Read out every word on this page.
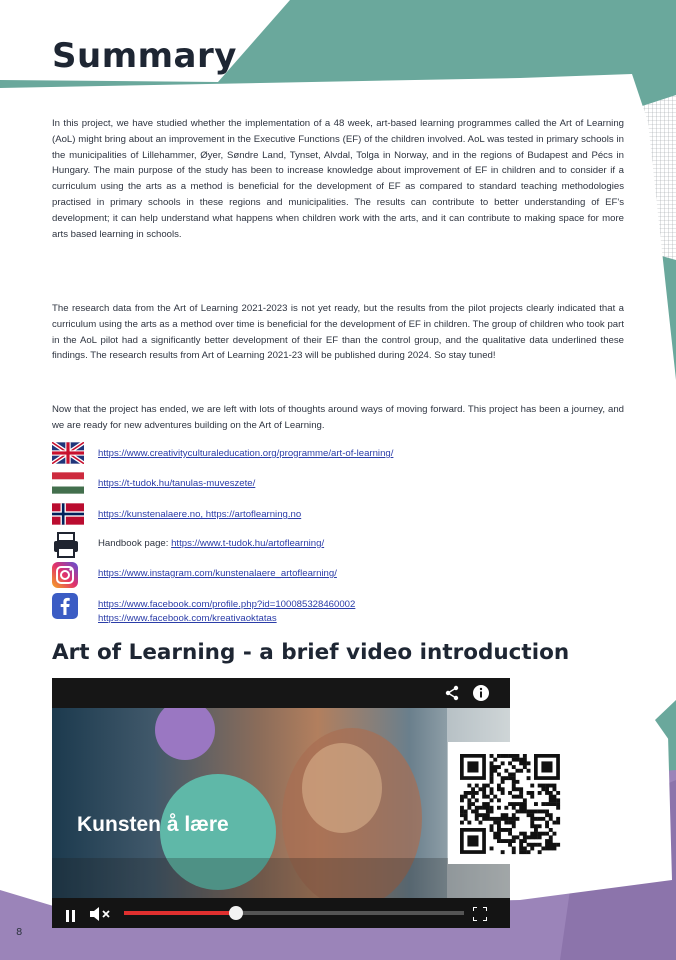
Summary

In this project, we have studied whether the implementation of a 48 week, art-based learning programmes called the Art of Learning (AoL) might bring about an improvement in the Executive Functions (EF) of the children involved. AoL was tested in primary schools in the municipalities of Lillehammer, Øyer, Søndre Land, Tynset, Alvdal, Tolga in Norway, and in the regions of Budapest and Pécs in Hungary. The main purpose of the study has been to increase knowledge about improvement of EF in children and to consider if a curriculum using the arts as a method is beneficial for the development of EF as compared to standard teaching methodologies practised in primary schools in these regions and municipalities. The results can contribute to better understanding of EF's development; it can help understand what happens when children work with the arts, and it can contribute to making space for more arts based learning in schools.

The research data from the Art of Learning 2021-2023 is not yet ready, but the results from the pilot projects clearly indicated that a curriculum using the arts as a method over time is beneficial for the development of EF in children. The group of children who took part in the AoL pilot had a significantly better development of their EF than the control group, and the qualitative data underlined these findings. The research results from Art of Learning 2021-23 will be published during 2024. So stay tuned!

Now that the project has ended, we are left with lots of thoughts around ways of moving forward. This project has been a journey, and we are ready for new adventures building on the Art of Learning.

https://www.creativityculturaleducation.org/programme/art-of-learning/
https://t-tudok.hu/tanulas-muveszete/
https://kunstenalaere.no, https://artoflearning.no
Handbook page: https://www.t-tudok.hu/artoflearning/
https://www.instagram.com/kunstenalaere_artoflearning/
https://www.facebook.com/profile.php?id=100085328460002
https://www.facebook.com/kreativaoktatas
Art of Learning - a brief video introduction
Kunsten å lære
8
